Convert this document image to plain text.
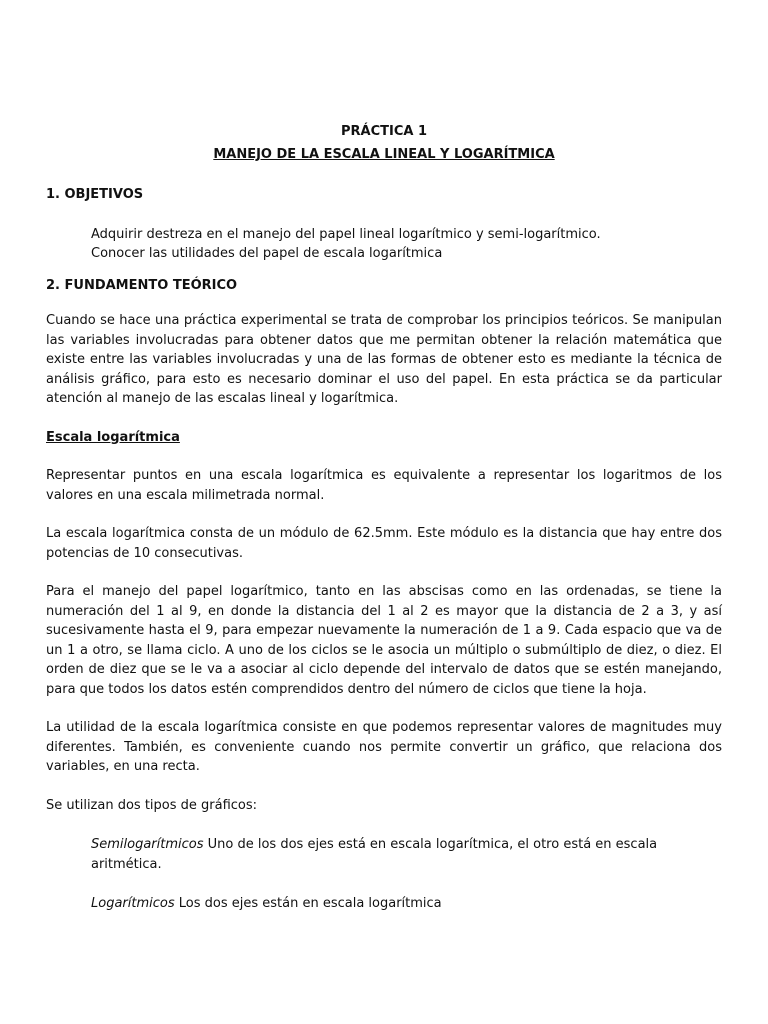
PRÁCTICA 1

MANEJO DE LA ESCALA LINEAL Y LOGARÍTMICA

1. OBJETIVOS

Adquirir destreza en el manejo del papel lineal logarítmico y semi-logarítmico.
Conocer las utilidades del papel de escala logarítmica

2. FUNDAMENTO TEÓRICO

Cuando se hace una práctica experimental se trata de comprobar los principios teóricos. Se manipulan las variables involucradas para obtener datos que me permitan obtener la relación matemática que existe entre las variables involucradas y una de las formas de obtener esto es mediante la técnica de análisis gráfico, para esto es necesario dominar el uso del papel. En esta práctica se da particular atención al manejo de las escalas lineal y logarítmica.

Escala logarítmica

Representar puntos en una escala logarítmica es equivalente a representar los logaritmos de los valores en una escala milimetrada normal.

La escala logarítmica consta de un módulo de 62.5mm. Este módulo es la distancia que hay entre dos potencias de 10 consecutivas.

Para el manejo del papel logarítmico, tanto en las abscisas como en las ordenadas, se tiene la numeración del 1 al 9, en donde la distancia del 1 al 2 es mayor que la distancia de 2 a 3, y así sucesivamente hasta el 9, para empezar nuevamente la numeración de 1 a 9. Cada espacio que va de un 1 a otro, se llama ciclo. A uno de los ciclos se le asocia un múltiplo o submúltiplo de diez, o diez. El orden de diez que se le va a asociar al ciclo depende del intervalo de datos que se estén manejando, para que todos los datos estén comprendidos dentro del número de ciclos que tiene la hoja.

La utilidad de la escala logarítmica consiste en que podemos representar valores de magnitudes muy diferentes. También, es conveniente cuando nos permite convertir un gráfico, que relaciona dos variables, en una recta.

Se utilizan dos tipos de gráficos:

Semilogarítmicos Uno de los dos ejes está en escala logarítmica, el otro está en escala aritmética.
Logarítmicos Los dos ejes están en escala logarítmica
